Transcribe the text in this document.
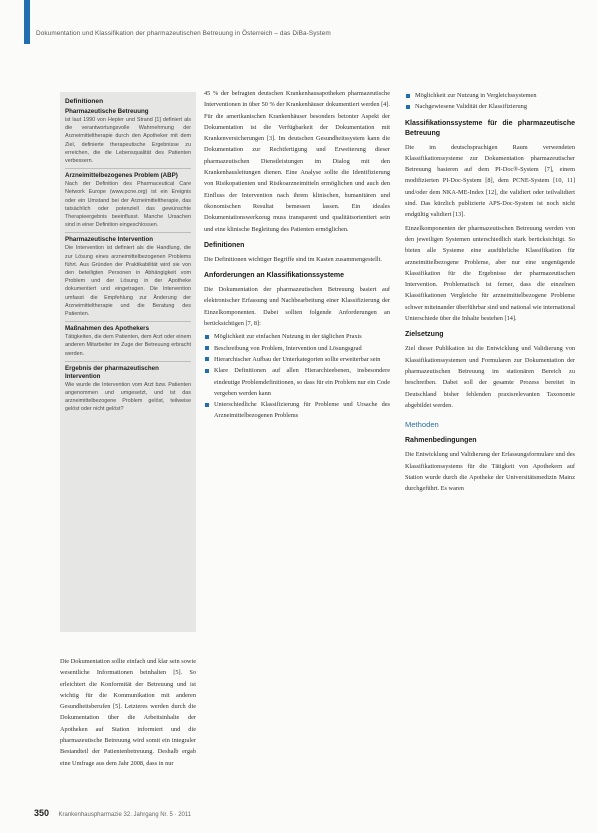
Dokumentation und Klassifikation der pharmazeutischen Betreuung in Österreich – das DiBa-System
Definitionen
Pharmazeutische Betreuung
ist laut 1990 von Hepler und Strand [1] definiert als die verantwortungsvolle Wahrnehmung der Arzneimitteltherapie durch den Apotheker mit dem Ziel, definierte therapeutische Ergebnisse zu erreichen, die die Lebensqualität des Patienten verbessern.
Arzneimittelbezogenes Problem (ABP)
Nach der Definition des Pharmaceutical Care Network Europe (www.pcne.org) ist ein Ereignis oder ein Umstand bei der Arzneimitteltherapie, das tatsächlich oder potenziell das gewünschte Therapieergebnis beeinflusst. Manche Ursachen sind in einer Definition eingeschlossen.
Pharmazeutische Intervention
Die Intervention ist definiert als die Handlung, die zur Lösung eines arzneimittelbezogenen Problems führt. Aus Gründen der Praktikabilität wird sie von den beteiligten Personen in Abhängigkeit vom Problem und der Lösung in der Apotheke dokumentiert und eingetragen. Die Intervention umfasst die Empfehlung zur Änderung der Arzneimitteltherapie und die Beratung des Patienten.
Maßnahmen des Apothekers
Tätigkeiten, die dem Patienten, dem Arzt oder einem anderen Mitarbeiter im Zuge der Betreuung erbracht werden.
Ergebnis der pharmazeutischen Intervention
Wie wurde die Intervention vom Arzt bzw. Patienten angenommen und umgesetzt, und ist das arzneimittelbezogene Problem gelöst, teilweise gelöst oder nicht gelöst?

Die Dokumentation sollte einfach und klar sein sowie wesentliche Informationen beinhalten [5]. So erleichtert die Konformität der Betreuung und ist wichtig für die Kommunikation mit anderen Gesundheitsberufen [5]. Letzteres werden durch die Dokumentation über die Arbeitsinhalte der Apotheken auf Station informiert und die pharmazeutische Betreuung wird somit ein integraler Bestandteil der Patientenbetreuung. Deshalb ergab eine Umfrage aus dem Jahr 2008, dass in nur

45 % der befragten deutschen Krankenhausapotheken pharmazeutische Interventionen in über 50 % der Krankenhäuser dokumentiert werden [4]. Für die amerikanischen Krankenhäuser besonders betonter Aspekt der Dokumentation ist die Verfügbarkeit der Dokumentation mit Krankenversicherungen [3]. Im deutschen Gesundheitssystem kann die Dokumentation zur Rechtfertigung und Erweiterung dieser pharmazeutischen Dienstleistungen im Dialog mit den Krankenhausleitungen dienen. Eine Analyse sollte die Identifizierung von Risikopatienten und Risikoarzneimitteln ermöglichen und auch den Einfluss der Intervention nach ihrem klinischen, humanitären und ökonomischen Resultat bemessen lassen. Ein ideales Dokumentationswerkzeug muss transparent und qualitätsorientiert sein und eine klinische Begleitung des Patienten ermöglichen.

Definitionen

Die Definitionen wichtiger Begriffe sind im Kasten zusammengestellt.

Anforderungen an Klassifikationssysteme

Die Dokumentation der pharmazeutischen Betreuung basiert auf elektronischer Erfassung und Nachbearbeitung einer Klassifizierung der Einzelkomponenten. Dabei sollten folgende Anforderungen an berücksichtigen [7, 8]:

Möglichkeit zur einfachen Nutzung in der täglichen Praxis
Beschreibung von Problem, Intervention und Lösungsgrad
Hierarchischer Aufbau der Unterkategorien sollte erweiterbar sein
Klare Definitionen auf allen Hierarchieebenen, insbesondere eindeutige Problemdefinitionen, so dass für ein Problem nur ein Code vergeben werden kann
Unterschiedliche Klassifizierung für Probleme und Ursache des Arzneimittelbezogenen Problems
Möglichkeit zur Nutzung in Vergleichssystemen
Nachgewiesene Validität der Klassifizierung
Klassifikationssysteme für die pharmazeutische Betreuung

Die im deutschsprachigen Raum verwendeten Klassifikationssysteme zur Dokumentation pharmazeutischer Betreuung basieren auf dem PI-Doc®-System [7], einem modifizierten PI-Doc-System [8], dem PCNE-System [10, 11] und/oder dem NKA-ME-Index [12], die validiert oder teilvalidiert sind. Das kürzlich publizierte APS-Doc-System ist noch nicht endgültig validiert [13].

Einzelkomponenten der pharmazeutischen Betreuung werden von den jeweiligen Systemen unterschiedlich stark berücksichtigt. So bieten alle Systeme eine ausführliche Klassifikation für arzneimittelbezogene Probleme, aber nur eine ungenügende Klassifikation für die Ergebnisse der pharmazeutischen Intervention. Problematisch ist ferner, dass die einzelnen Klassifikationen Vergleiche für arzneimittelbezogene Probleme schwer miteinander überführbar sind und national wie international Unterschiede über die Inhalte bestehen [14].

Zielsetzung

Ziel dieser Publikation ist die Entwicklung und Validierung von Klassifikationssystemen und Formularen zur Dokumentation der pharmazeutischen Betreuung im stationären Bereich zu beschreiben. Dabei soll der gesamte Prozess bereitet in Deutschland bisher fehlenden praxisrelevanten Taxonomie abgebildet werden.

Methoden
Rahmenbedingungen

Die Entwicklung und Validierung der Erfassungsformulare und des Klassifikationssystems für die Tätigkeit von Apothekern auf Station wurde durch die Apotheke der Universitätsmedizin Mainz durchgeführt. Es waren

350 Krankenhauspharmazie 32. Jahrgang Nr. 5 · 2011
